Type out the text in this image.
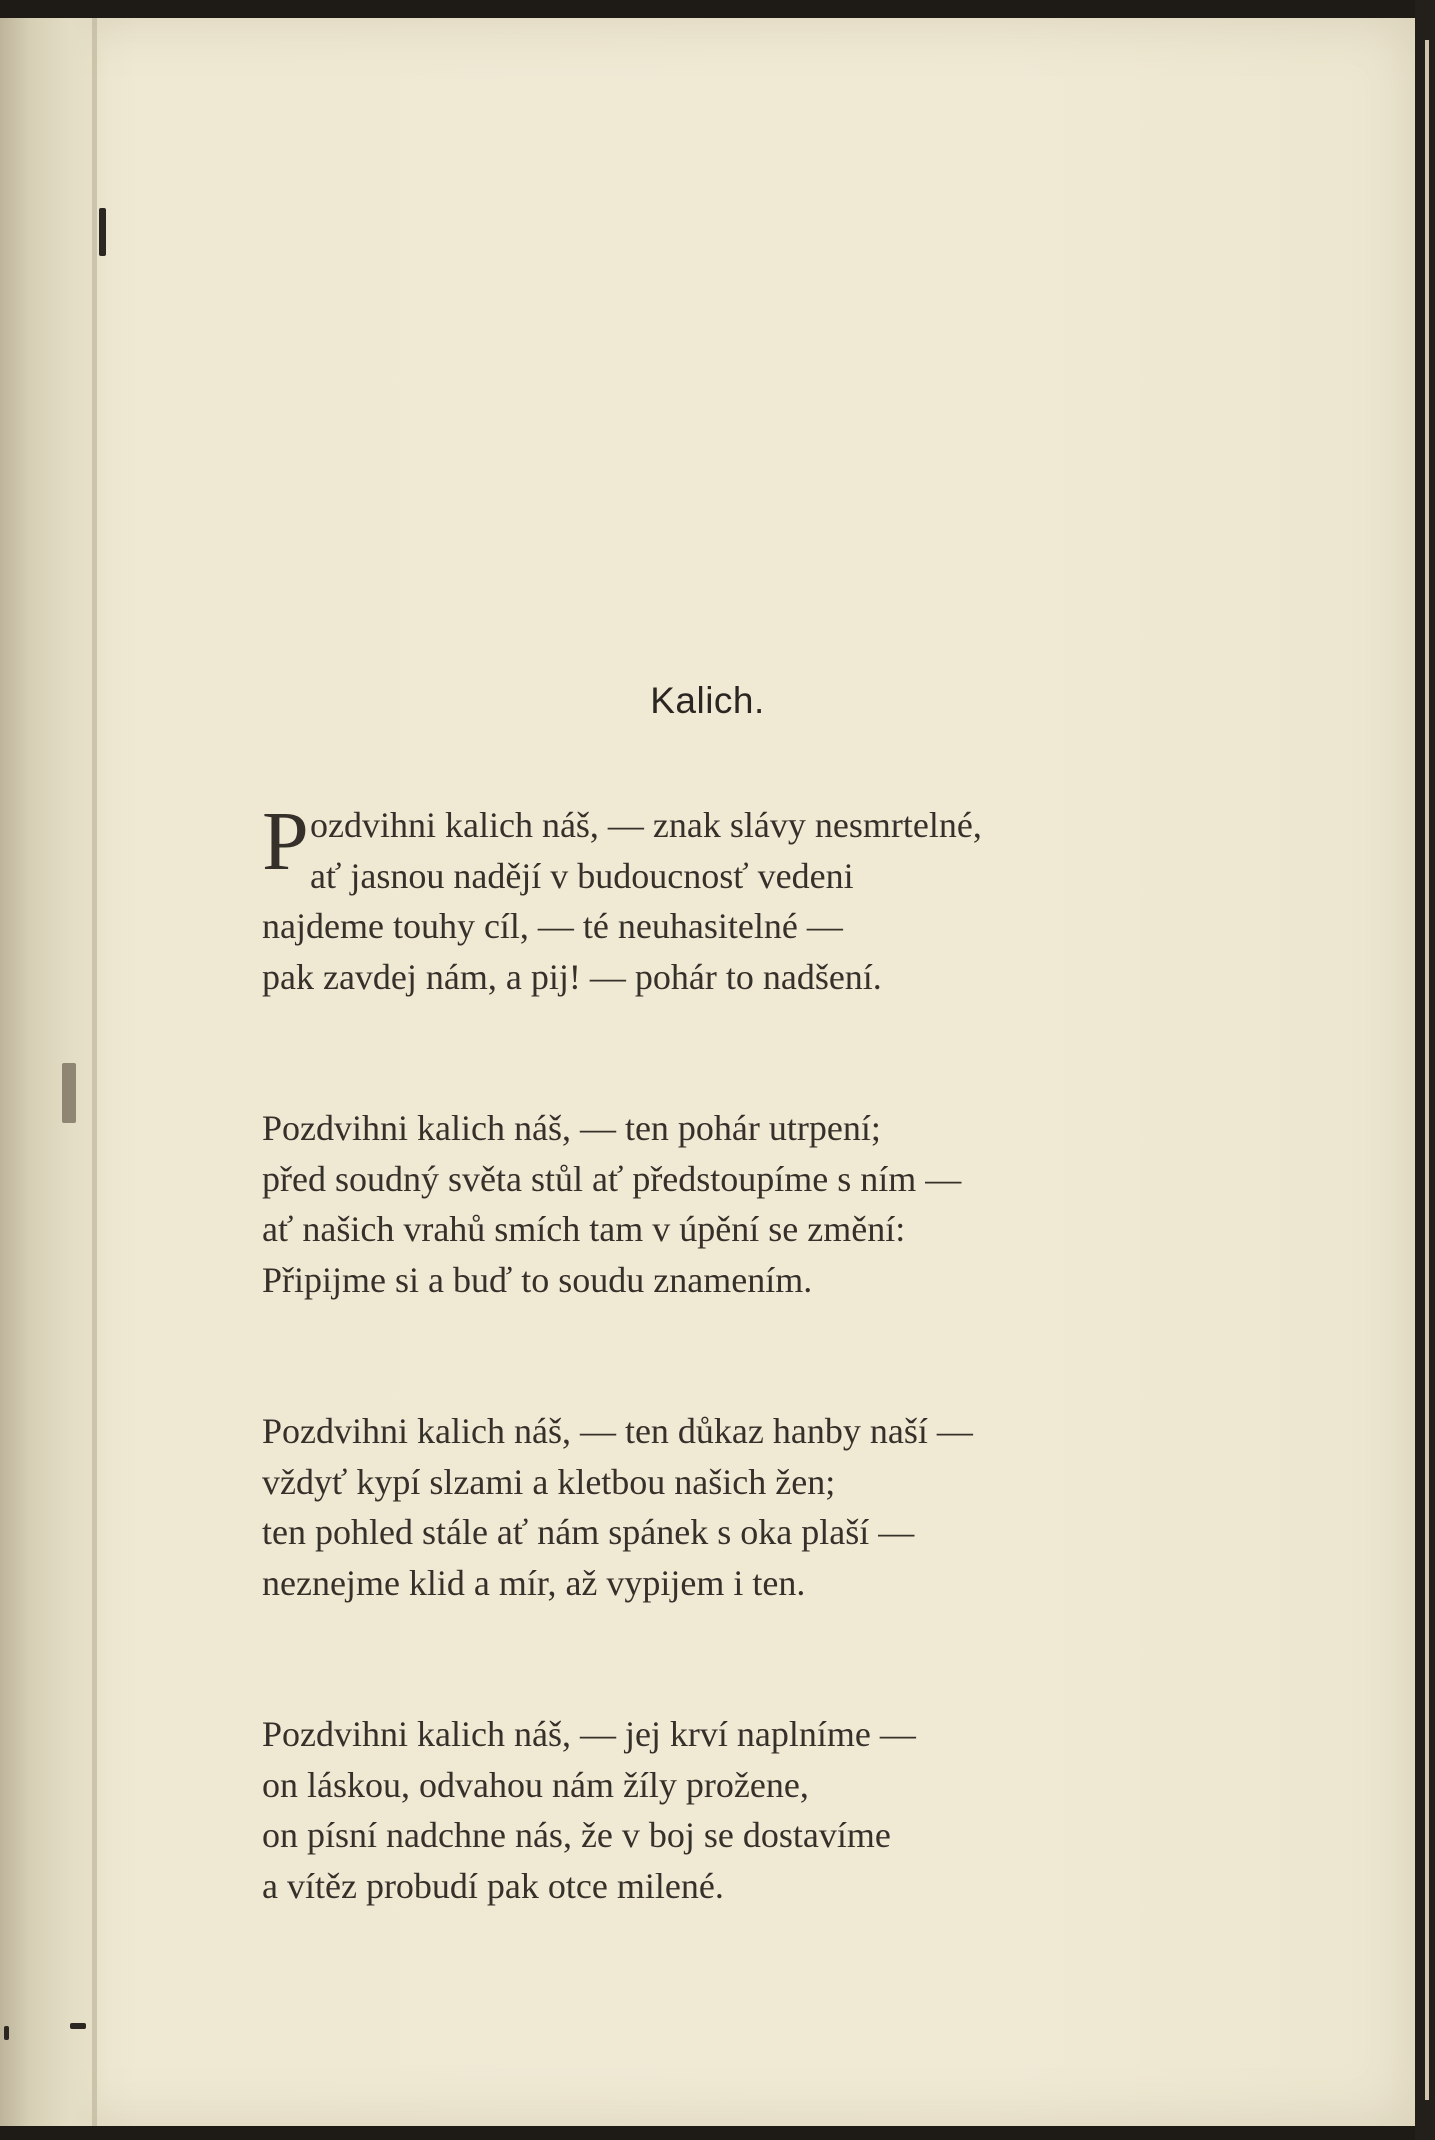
Kalich.
P ozdvihni kalich náš, — znak slávy nesmrtelné,
ať jasnou nadějí v budoucnosť vedeni
najdeme touhy cíl, — té neuhasitelné —
pak zavdej nám, a pij! — pohár to nadšení.
Pozdvihni kalich náš, — ten pohár utrpení;
před soudný světa stůl ať předstoupíme s ním —
ať našich vrahů smích tam v úpění se změní:
Připijme si a buď to soudu znamením.
Pozdvihni kalich náš, — ten důkaz hanby naší —
vždyť kypí slzami a kletbou našich žen;
ten pohled stále ať nám spánek s oka plaší —
neznejme klid a mír, až vypijem i ten.
Pozdvihni kalich náš, — jej krví naplníme —
on láskou, odvahou nám žíly prožene,
on písní nadchne nás, že v boj se dostavíme
a vítěz probudí pak otce milené.
